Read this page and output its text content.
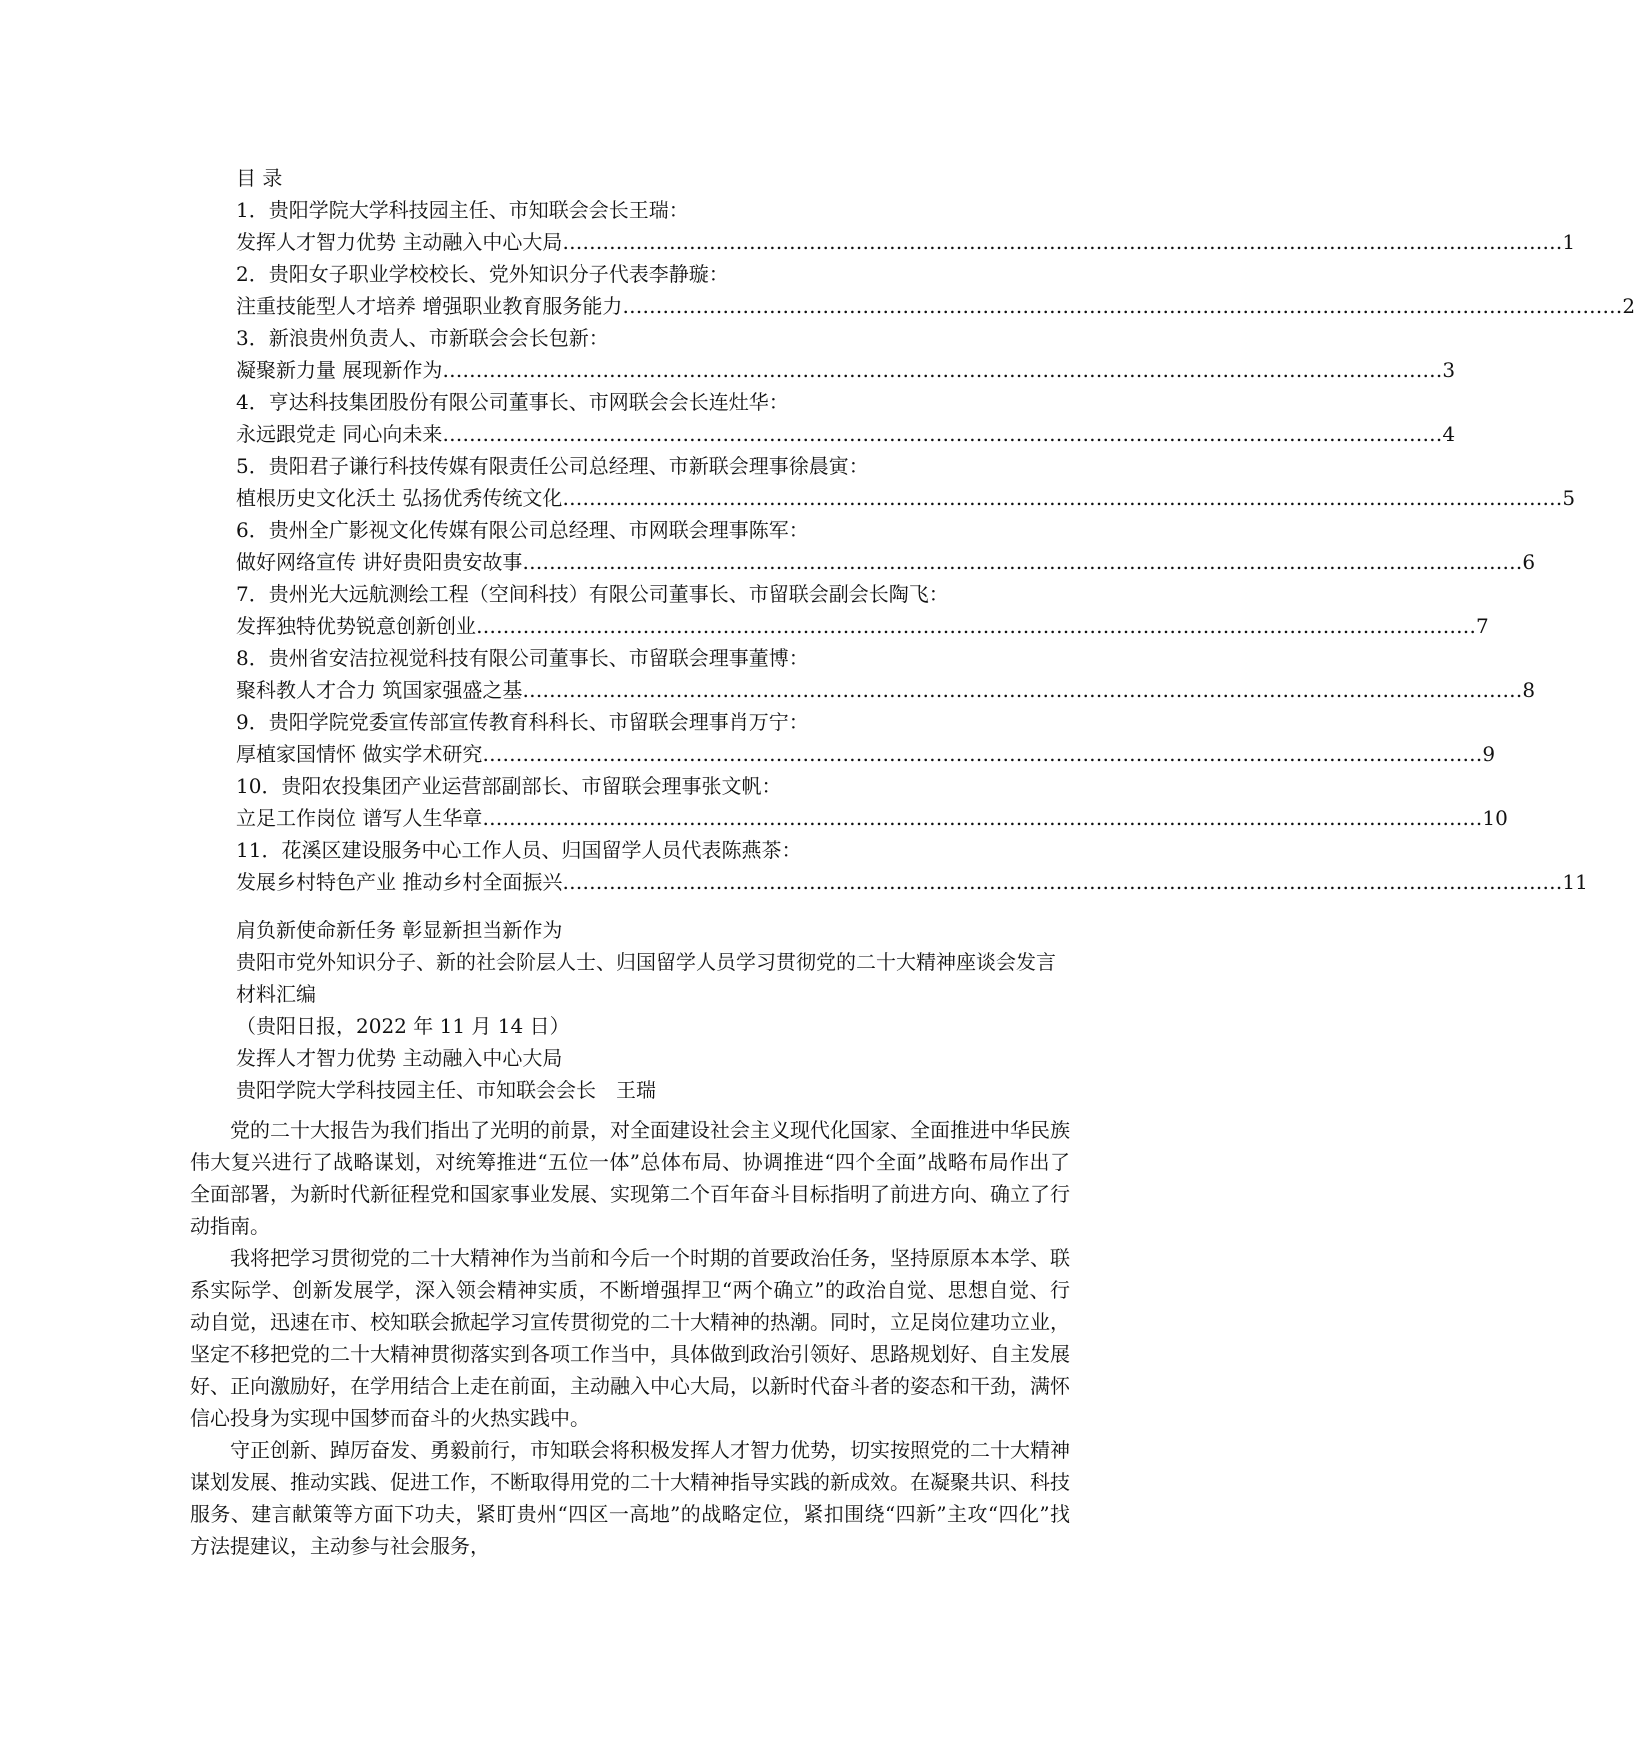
目 录
1．贵阳学院大学科技园主任、市知联会会长王瑞：
发挥人才智力优势 主动融入中心大局 …………………………………………………………………………………………………………………………………… 1
2．贵阳女子职业学校校长、党外知识分子代表李静璇：
注重技能型人才培养 增强职业教育服务能力 …………………………………………………………………………………………………………………………………… 2
3．新浪贵州负责人、市新联会会长包新：
凝聚新力量 展现新作为 …………………………………………………………………………………………………………………………………… 3
4．亨达科技集团股份有限公司董事长、市网联会会长连灶华：
永远跟党走 同心向未来 …………………………………………………………………………………………………………………………………… 4
5．贵阳君子谦行科技传媒有限责任公司总经理、市新联会理事徐晨寅：
植根历史文化沃土 弘扬优秀传统文化 …………………………………………………………………………………………………………………………………… 5
6．贵州全广影视文化传媒有限公司总经理、市网联会理事陈军：
做好网络宣传 讲好贵阳贵安故事 …………………………………………………………………………………………………………………………………… 6
7．贵州光大远航测绘工程（空间科技）有限公司董事长、市留联会副会长陶飞：
发挥独特优势锐意创新创业 …………………………………………………………………………………………………………………………………… 7
8．贵州省安洁拉视觉科技有限公司董事长、市留联会理事董博：
聚科教人才合力 筑国家强盛之基 …………………………………………………………………………………………………………………………………… 8
9．贵阳学院党委宣传部宣传教育科科长、市留联会理事肖万宁：
厚植家国情怀 做实学术研究 …………………………………………………………………………………………………………………………………… 9
10．贵阳农投集团产业运营部副部长、市留联会理事张文帆：
立足工作岗位 谱写人生华章 …………………………………………………………………………………………………………………………………… 10
11．花溪区建设服务中心工作人员、归国留学人员代表陈燕茶：
发展乡村特色产业 推动乡村全面振兴 …………………………………………………………………………………………………………………………………… 11
肩负新使命新任务 彰显新担当新作为
贵阳市党外知识分子、新的社会阶层人士、归国留学人员学习贯彻党的二十大精神座谈会发言材料汇编
（贵阳日报，2022 年 11 月 14 日）
发挥人才智力优势 主动融入中心大局
贵阳学院大学科技园主任、市知联会会长　王瑞

党的二十大报告为我们指出了光明的前景，对全面建设社会主义现代化国家、全面推进中华民族伟大复兴进行了战略谋划，对统筹推进“五位一体”总体布局、协调推进“四个全面”战略布局作出了全面部署，为新时代新征程党和国家事业发展、实现第二个百年奋斗目标指明了前进方向、确立了行动指南。

我将把学习贯彻党的二十大精神作为当前和今后一个时期的首要政治任务，坚持原原本本学、联系实际学、创新发展学，深入领会精神实质，不断增强捍卫“两个确立”的政治自觉、思想自觉、行动自觉，迅速在市、校知联会掀起学习宣传贯彻党的二十大精神的热潮。同时，立足岗位建功立业，坚定不移把党的二十大精神贯彻落实到各项工作当中，具体做到政治引领好、思路规划好、自主发展好、正向激励好，在学用结合上走在前面，主动融入中心大局，以新时代奋斗者的姿态和干劲，满怀信心投身为实现中国梦而奋斗的火热实践中。

守正创新、踔厉奋发、勇毅前行，市知联会将积极发挥人才智力优势，切实按照党的二十大精神谋划发展、推动实践、促进工作，不断取得用党的二十大精神指导实践的新成效。在凝聚共识、科技服务、建言献策等方面下功夫，紧盯贵州“四区一高地”的战略定位，紧扣围绕“四新”主攻“四化”找方法提建议，主动参与社会服务，
